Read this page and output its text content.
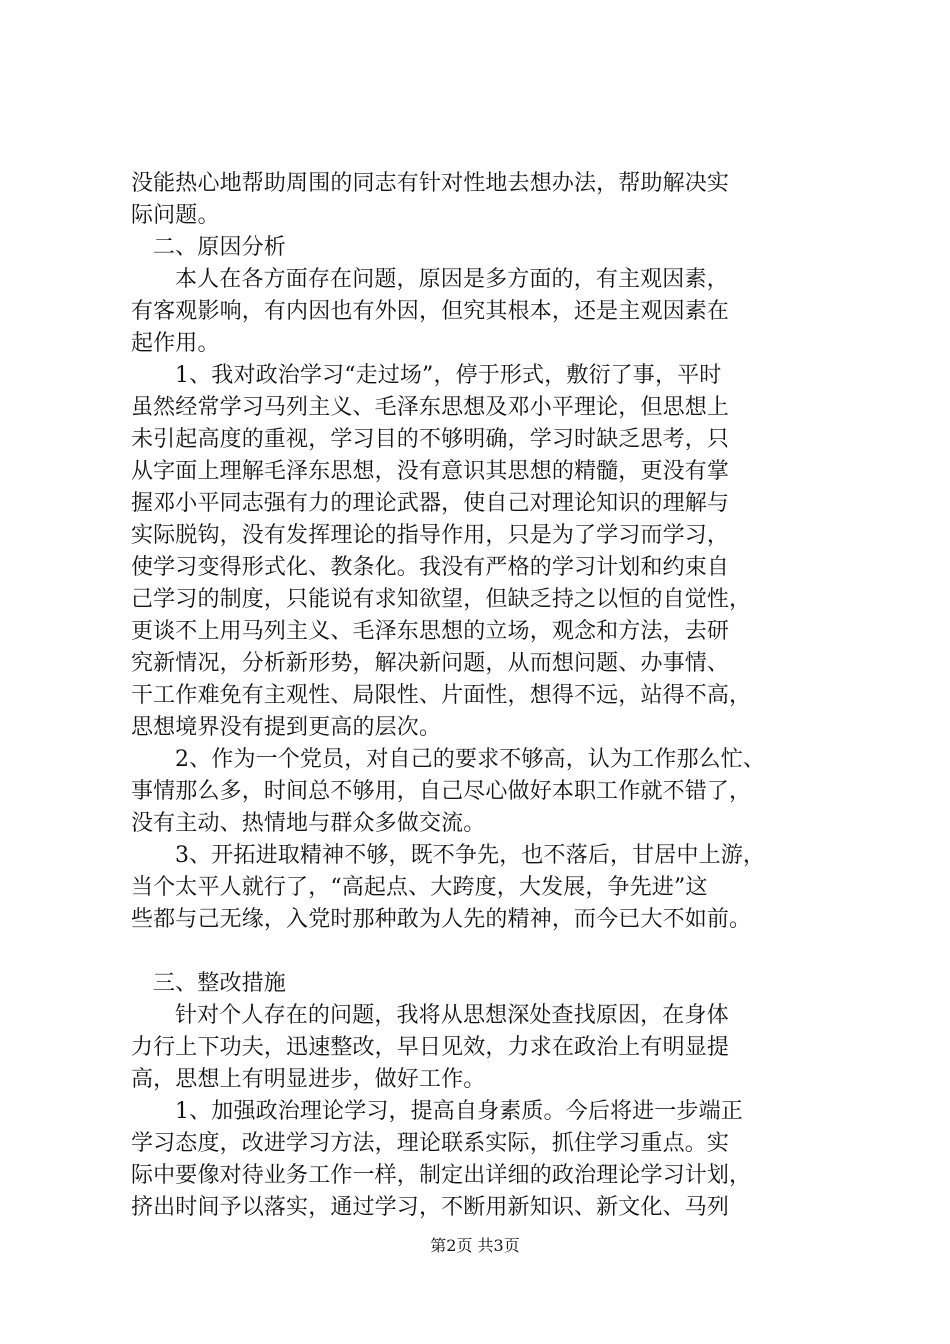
没能热心地帮助周围的同志有针对性地去想办法，帮助解决实
际问题。
二、原因分析
本人在各方面存在问题，原因是多方面的，有主观因素，
有客观影响，有内因也有外因，但究其根本，还是主观因素在
起作用。
1、我对政治学习“走过场”，停于形式，敷衍了事，平时
虽然经常学习马列主义、毛泽东思想及邓小平理论，但思想上
未引起高度的重视，学习目的不够明确，学习时缺乏思考，只
从字面上理解毛泽东思想，没有意识其思想的精髓，更没有掌
握邓小平同志强有力的理论武器，使自己对理论知识的理解与
实际脱钩，没有发挥理论的指导作用，只是为了学习而学习，
使学习变得形式化、教条化。我没有严格的学习计划和约束自
己学习的制度，只能说有求知欲望，但缺乏持之以恒的自觉性，
更谈不上用马列主义、毛泽东思想的立场，观念和方法，去研
究新情况，分析新形势，解决新问题，从而想问题、办事情、
干工作难免有主观性、局限性、片面性，想得不远，站得不高，
思想境界没有提到更高的层次。
2、作为一个党员，对自己的要求不够高，认为工作那么忙、
事情那么多，时间总不够用，自己尽心做好本职工作就不错了，
没有主动、热情地与群众多做交流。
3、开拓进取精神不够，既不争先，也不落后，甘居中上游，
当个太平人就行了，“高起点、大跨度，大发展，争先进”这
些都与己无缘，入党时那种敢为人先的精神，而今已大不如前。
三、整改措施
针对个人存在的问题，我将从思想深处查找原因，在身体
力行上下功夫，迅速整改，早日见效，力求在政治上有明显提
高，思想上有明显进步，做好工作。
1、加强政治理论学习，提高自身素质。今后将进一步端正
学习态度，改进学习方法，理论联系实际，抓住学习重点。实
际中要像对待业务工作一样，制定出详细的政治理论学习计划，
挤出时间予以落实，通过学习，不断用新知识、新文化、马列
第2页 共3页
